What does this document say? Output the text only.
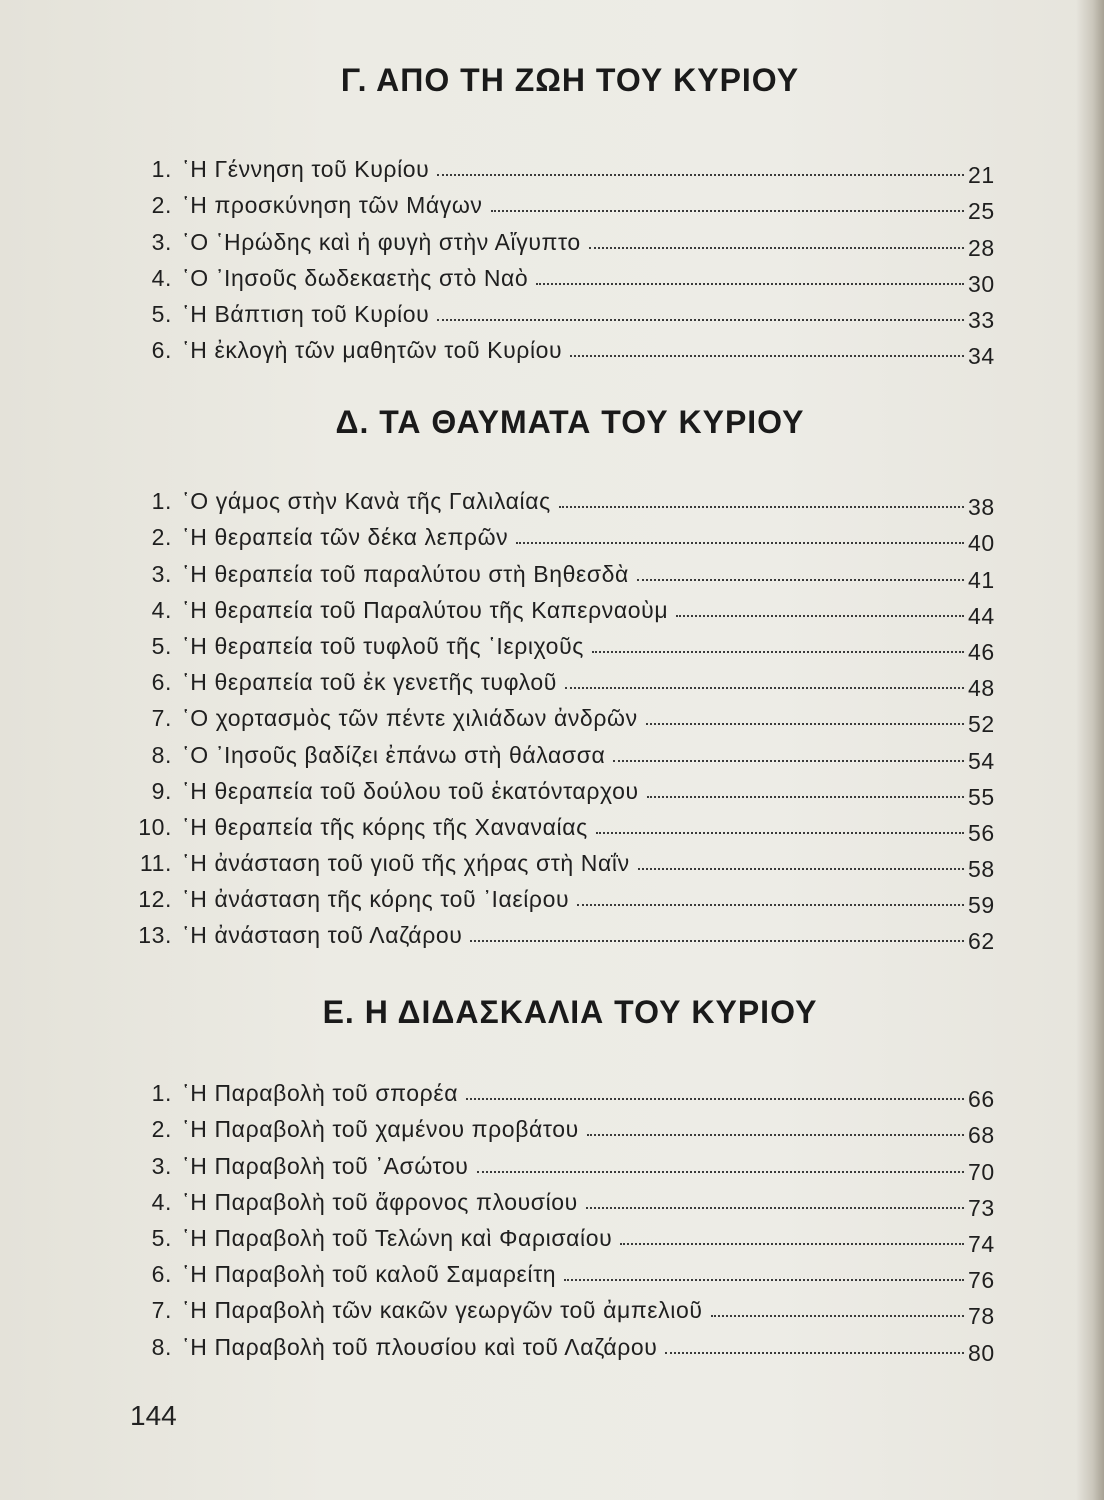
Γ. ΑΠΟ ΤΗ ΖΩΗ ΤΟΥ ΚΥΡΙΟΥ
1. ῾Η Γέννηση τοῦ Κυρίου	21
2. ῾Η προσκύνηση τῶν Μάγων	25
3. ῾Ο ῾Ηρώδης καὶ ἡ φυγὴ στὴν Αἴγυπτο	28
4. ῾Ο ᾽Ιησοῦς δωδεκαετὴς στὸ Ναὸ	30
5. ῾Η Βάπτιση τοῦ Κυρίου	33
6. ῾Η ἐκλογὴ τῶν μαθητῶν τοῦ Κυρίου	34
Δ. ΤΑ ΘΑΥΜΑΤΑ ΤΟΥ ΚΥΡΙΟΥ
1. ῾Ο γάμος στὴν Κανὰ τῆς Γαλιλαίας	38
2. ῾Η θεραπεία τῶν δέκα λεπρῶν	40
3. ῾Η θεραπεία τοῦ παραλύτου στὴ Βηθεσδὰ	41
4. ῾Η θεραπεία τοῦ Παραλύτου τῆς Καπερναοὺμ	44
5. ῾Η θεραπεία τοῦ τυφλοῦ τῆς ῾Ιεριχοῦς	46
6. ῾Η θεραπεία τοῦ ἐκ γενετῆς τυφλοῦ	48
7. ῾Ο χορτασμὸς τῶν πέντε χιλιάδων ἀνδρῶν	52
8. ῾Ο ᾽Ιησοῦς βαδίζει ἐπάνω στὴ θάλασσα	54
9. ῾Η θεραπεία τοῦ δούλου τοῦ ἑκατόνταρχου	55
10. ῾Η θεραπεία τῆς κόρης τῆς Χαναναίας	56
11. ῾Η ἀνάσταση τοῦ γιοῦ τῆς χήρας στὴ Ναΐν	58
12. ῾Η ἀνάσταση τῆς κόρης τοῦ ᾽Ιαείρου	59
13. ῾Η ἀνάσταση τοῦ Λαζάρου	62
Ε. Η ΔΙΔΑΣΚΑΛΙΑ ΤΟΥ ΚΥΡΙΟΥ
1. ῾Η Παραβολὴ τοῦ σπορέα	66
2. ῾Η Παραβολὴ τοῦ χαμένου προβάτου	68
3. ῾Η Παραβολὴ τοῦ ᾽Ασώτου	70
4. ῾Η Παραβολὴ τοῦ ἄφρονος πλουσίου	73
5. ῾Η Παραβολὴ τοῦ Τελώνη καὶ Φαρισαίου	74
6. ῾Η Παραβολὴ τοῦ καλοῦ Σαμαρείτη	76
7. ῾Η Παραβολὴ τῶν κακῶν γεωργῶν τοῦ ἀμπελιοῦ	78
8. ῾Η Παραβολὴ τοῦ πλουσίου καὶ τοῦ Λαζάρου	80
144
